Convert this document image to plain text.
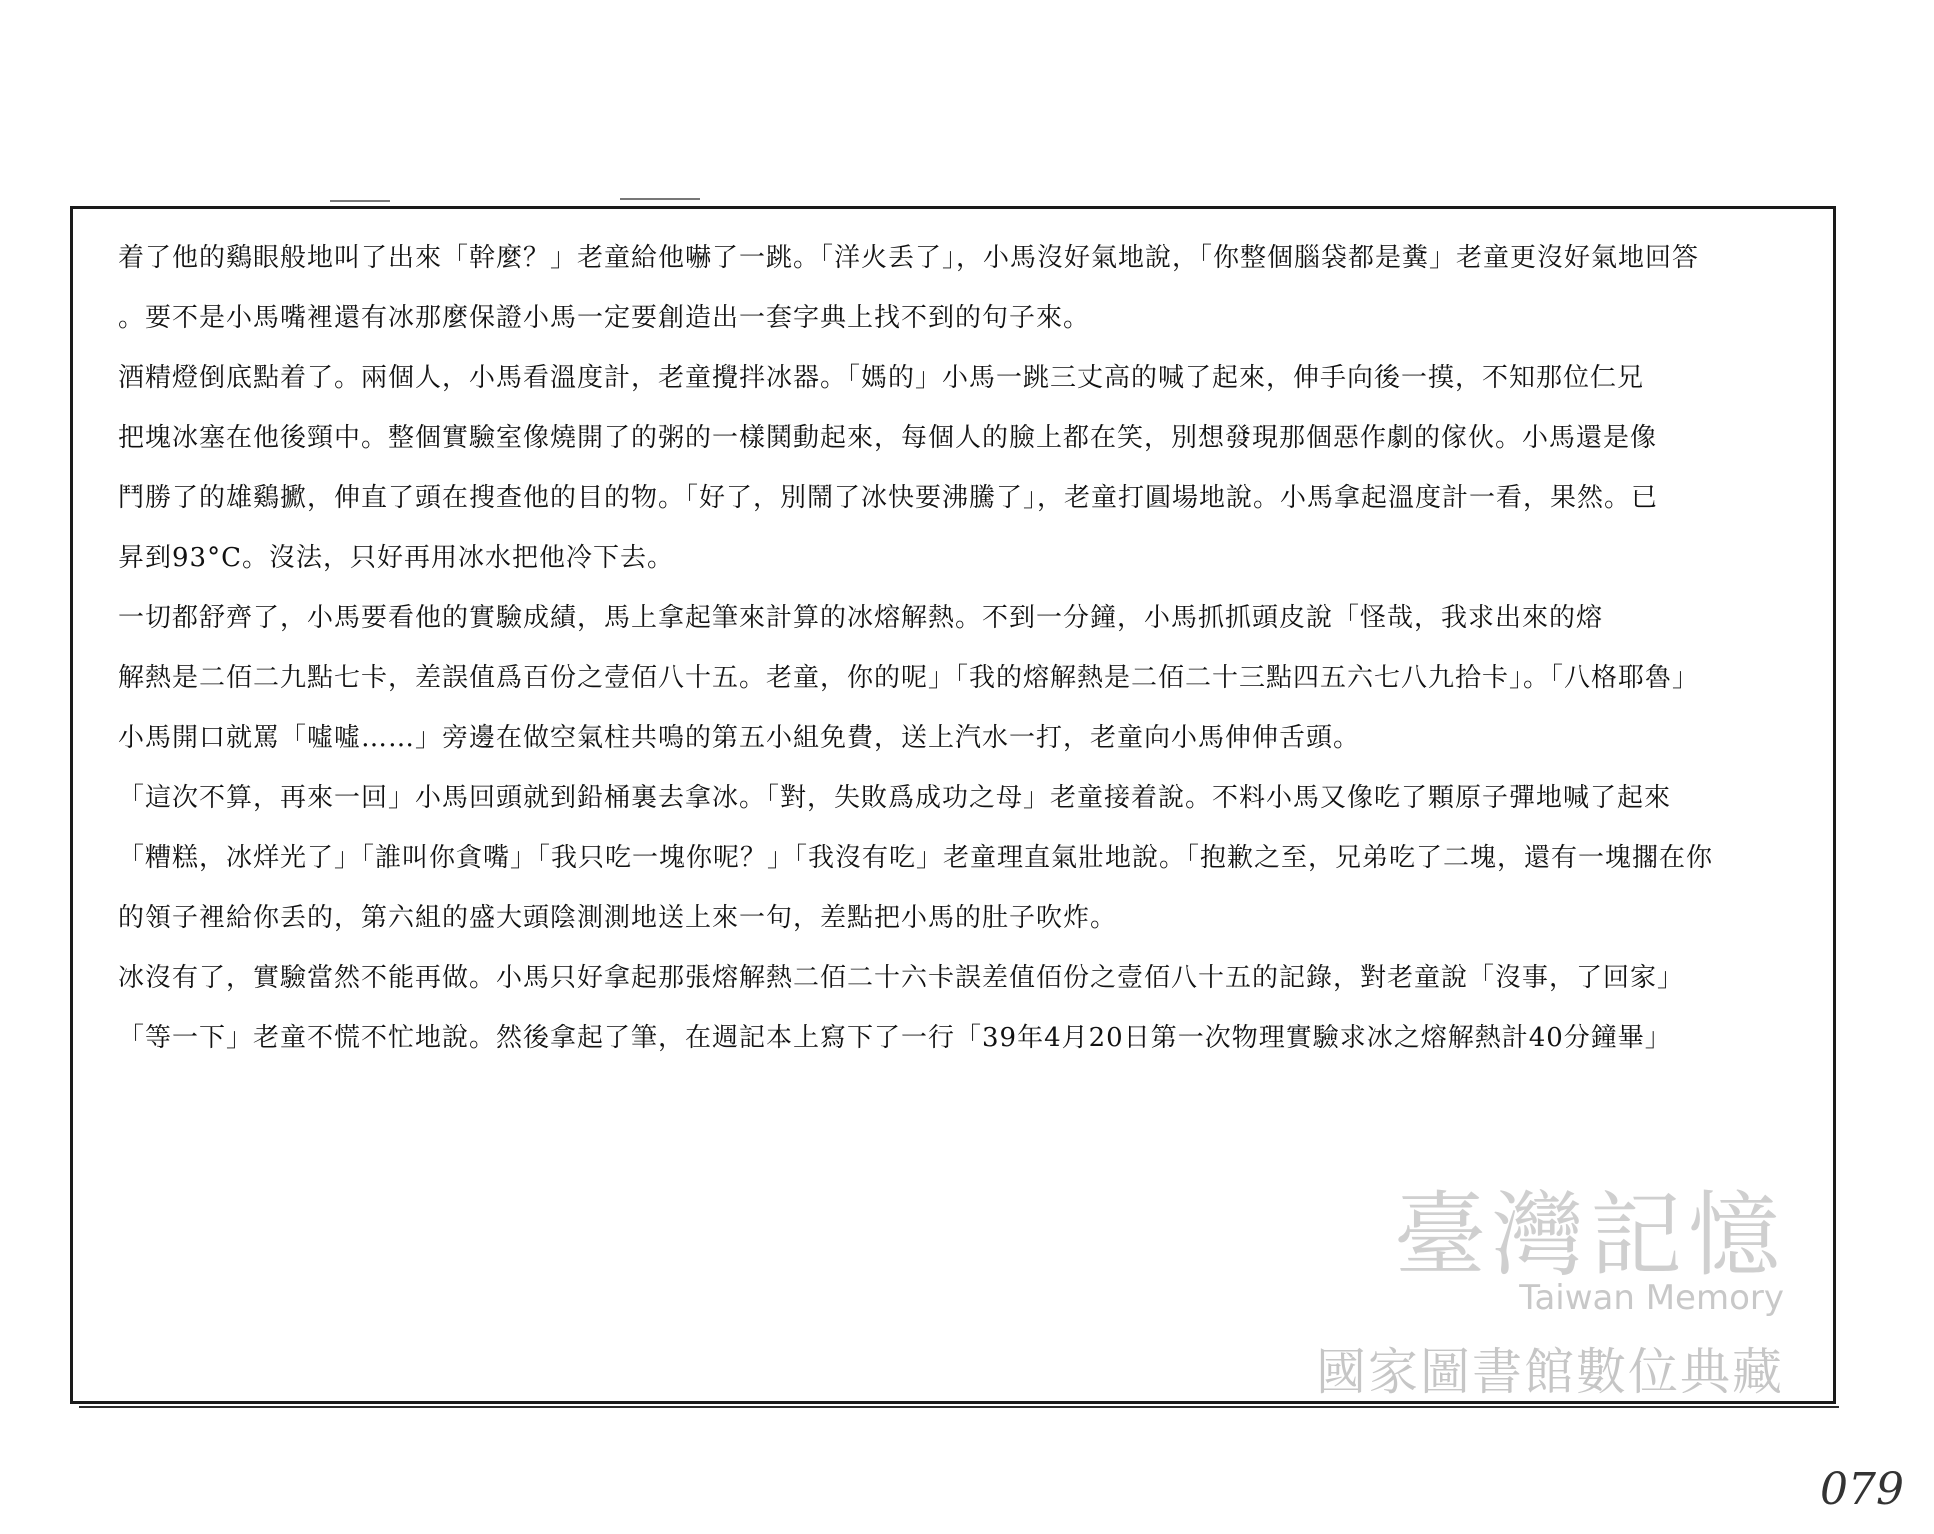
着了他的鷄眼般地叫了出來「幹麼？」老童給他嚇了一跳。「洋火丢了」，小馬沒好氣地說，「你整個腦袋都是糞」老童更沒好氣地回答
。要不是小馬嘴裡還有冰那麼保證小馬一定要創造出一套字典上找不到的句子來。
酒精燈倒底點着了。兩個人，小馬看溫度計，老童攪拌冰器。「媽的」小馬一跳三丈高的喊了起來，伸手向後一摸，不知那位仁兄
把塊冰塞在他後頸中。整個實驗室像燒開了的粥的一樣鬨動起來，每個人的臉上都在笑，別想發現那個惡作劇的傢伙。小馬還是像
鬥勝了的雄鷄擨，伸直了頭在搜查他的目的物。「好了，別鬧了冰快要沸騰了」，老童打圓場地說。小馬拿起溫度計一看，果然。已
昇到93°C。沒法，只好再用冰水把他冷下去。
一切都舒齊了，小馬要看他的實驗成績，馬上拿起筆來計算的冰熔解熱。不到一分鐘，小馬抓抓頭皮說「怪哉，我求出來的熔
解熱是二佰二九點七卡，差誤值爲百份之壹佰八十五。老童，你的呢」「我的熔解熱是二佰二十三點四五六七八九拾卡」。「八格耶魯」
小馬開口就罵「噓噓……」旁邊在做空氣柱共鳴的第五小組免費，送上汽水一打，老童向小馬伸伸舌頭。
「這次不算，再來一回」小馬回頭就到鉛桶裏去拿冰。「對，失敗爲成功之母」老童接着說。不料小馬又像吃了顆原子彈地喊了起來
「糟糕，冰烊光了」「誰叫你貪嘴」「我只吃一塊你呢？」「我沒有吃」老童理直氣壯地說。「抱歉之至，兄弟吃了二塊，還有一塊擱在你
的領子裡給你丢的，第六組的盛大頭陰測測地送上來一句，差點把小馬的肚子吹炸。
冰沒有了，實驗當然不能再做。小馬只好拿起那張熔解熱二佰二十六卡誤差值佰份之壹佰八十五的記錄，對老童說「沒事，了回家」
「等一下」老童不慌不忙地說。然後拿起了筆，在週記本上寫下了一行「39年4月20日第一次物理實驗求冰之熔解熱計40分鐘畢」
臺灣記憶
Taiwan Memory
國家圖書館數位典藏
079
